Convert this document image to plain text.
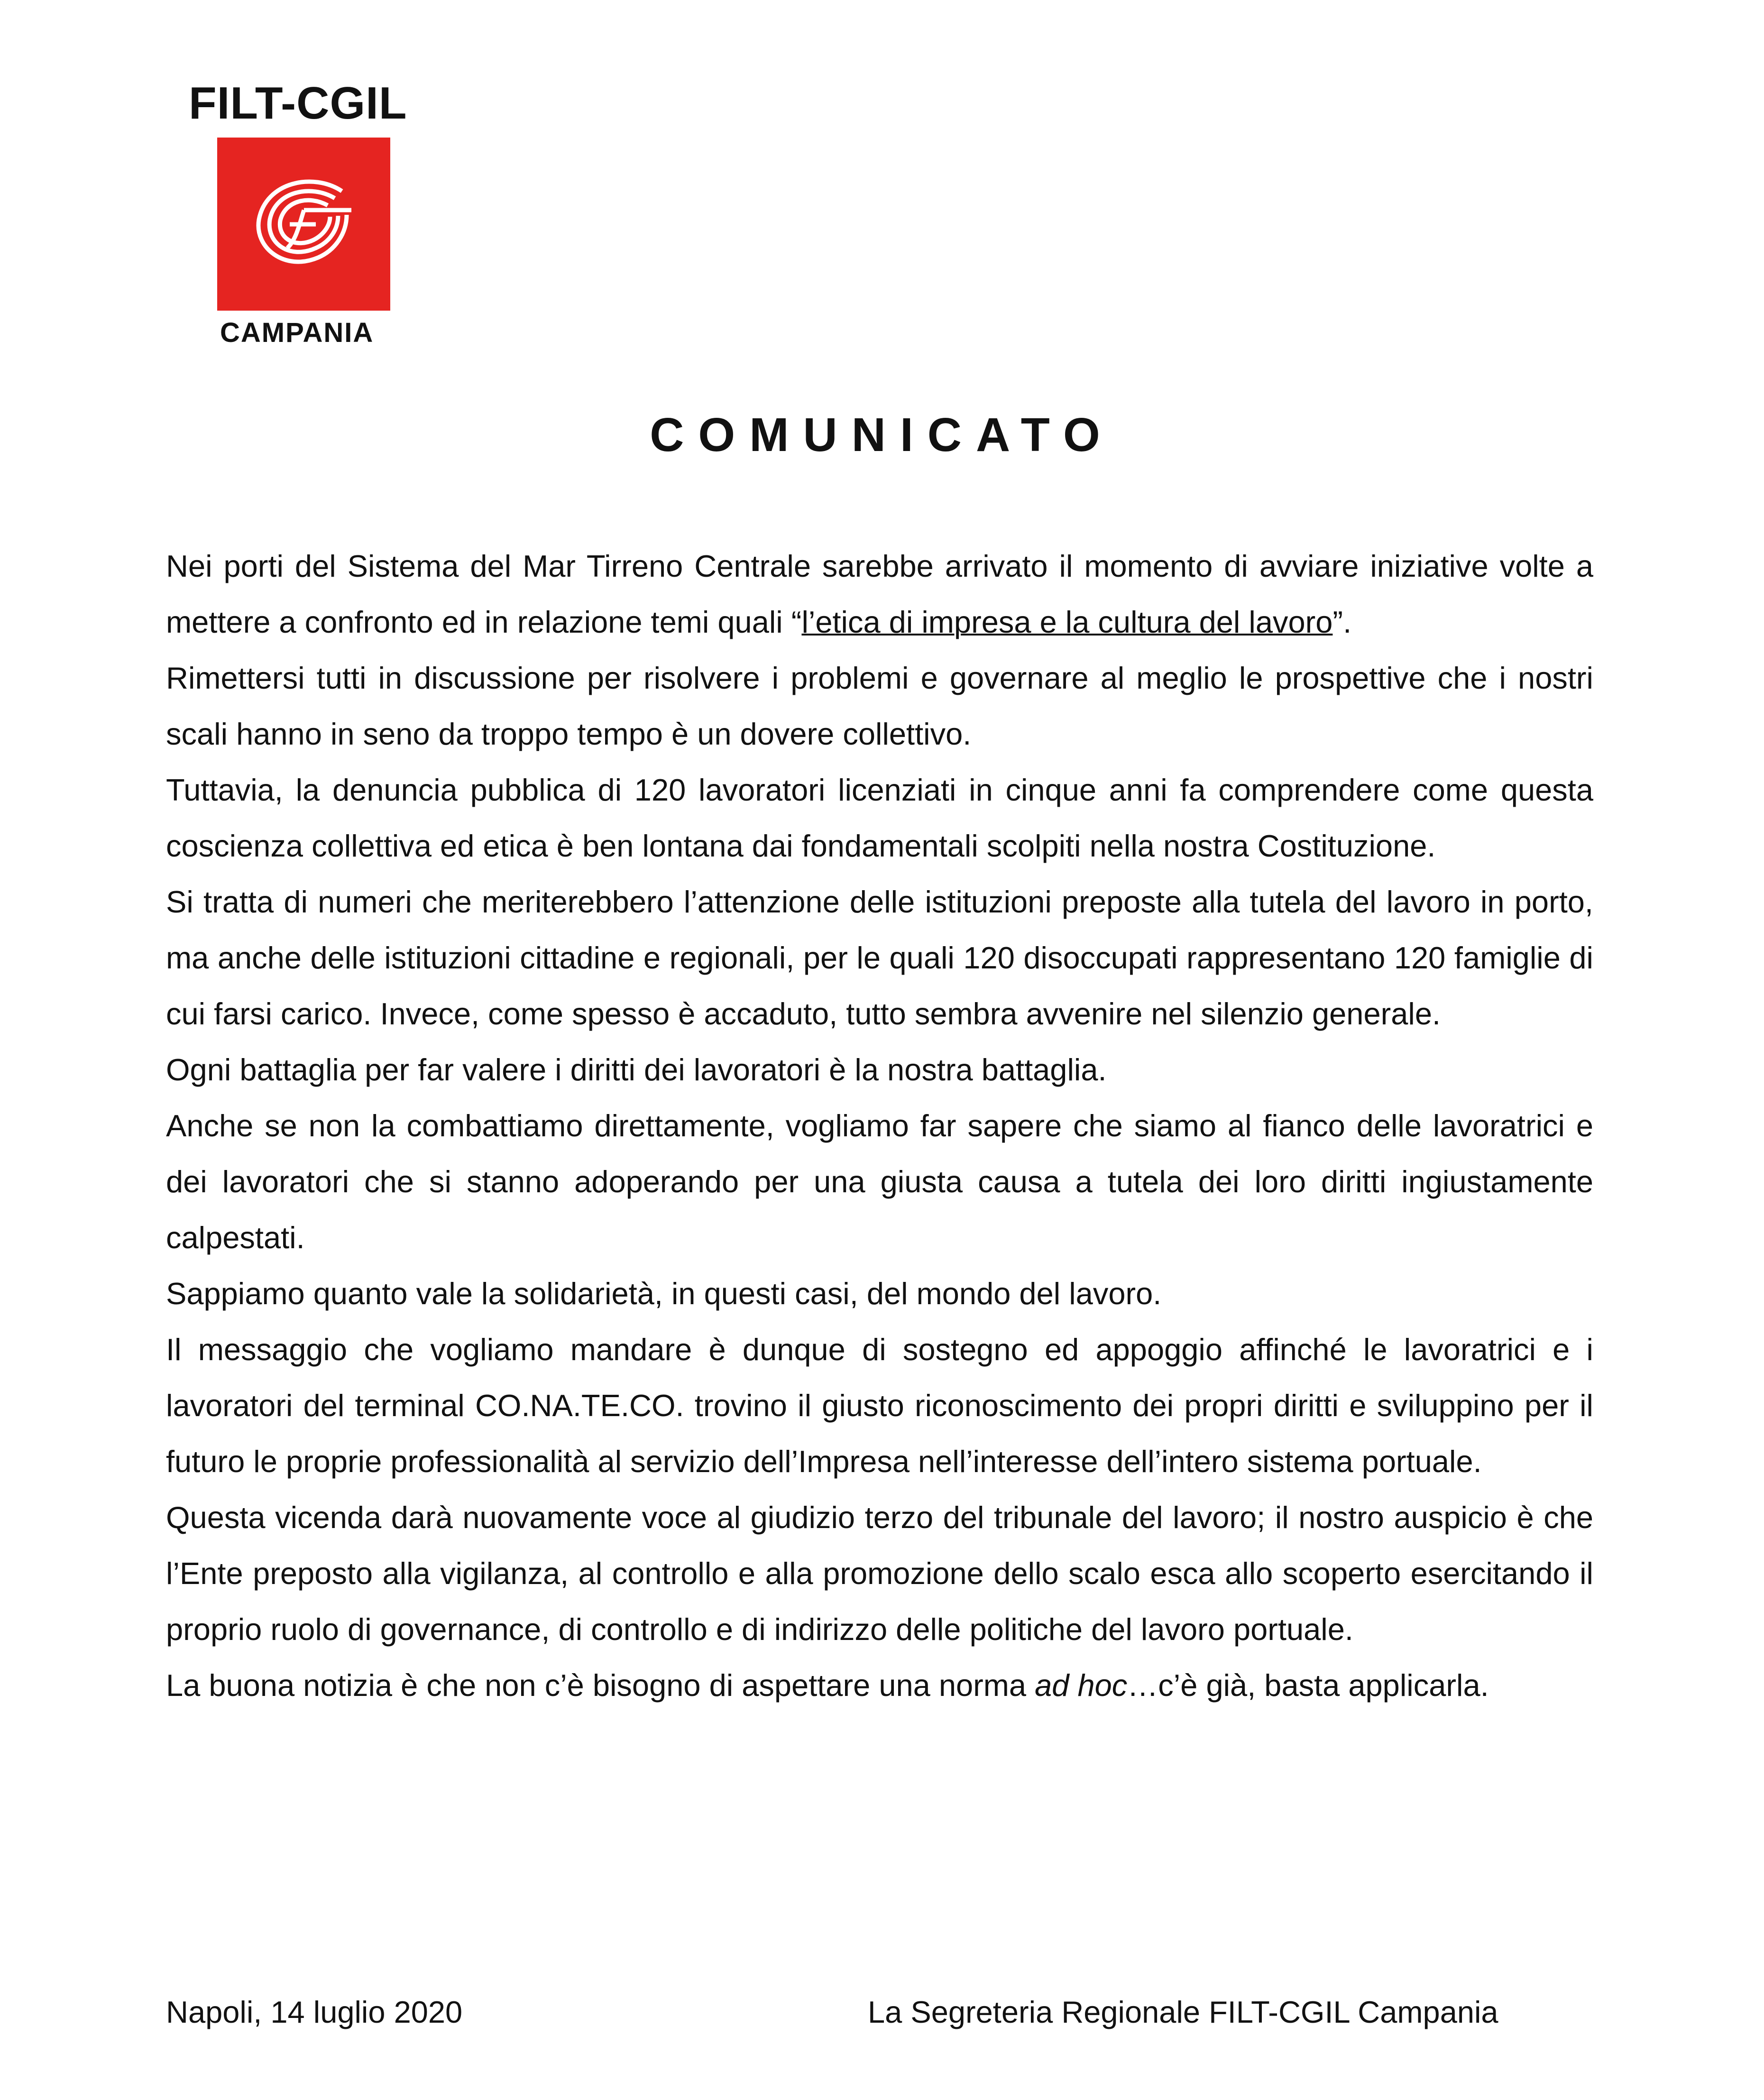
FILT-CGIL
CAMPANIA
COMUNICATO

Nei porti del Sistema del Mar Tirreno Centrale sarebbe arrivato il momento di avviare iniziative volte a mettere a confronto ed in relazione temi quali “l’etica di impresa e la cultura del lavoro”.

Rimettersi tutti in discussione per risolvere i problemi e governare al meglio le prospettive che i nostri scali hanno in seno da troppo tempo è un dovere collettivo.

Tuttavia, la denuncia pubblica di 120 lavoratori licenziati in cinque anni fa comprendere come questa coscienza collettiva ed etica è ben lontana dai fondamentali scolpiti nella nostra Costituzione.

Si tratta di numeri che meriterebbero l’attenzione delle istituzioni preposte alla tutela del lavoro in porto, ma anche delle istituzioni cittadine e regionali, per le quali 120 disoccupati rappresentano 120 famiglie di cui farsi carico. Invece, come spesso è accaduto, tutto sembra avvenire nel silenzio generale.

Ogni battaglia per far valere i diritti dei lavoratori è la nostra battaglia.

Anche se non la combattiamo direttamente, vogliamo far sapere che siamo al fianco delle lavoratrici e dei lavoratori che si stanno adoperando per una giusta causa a tutela dei loro diritti ingiustamente calpestati.

Sappiamo quanto vale la solidarietà, in questi casi, del mondo del lavoro.

Il messaggio che vogliamo mandare è dunque di sostegno ed appoggio affinché le lavoratrici e i lavoratori del terminal CO.NA.TE.CO. trovino il giusto riconoscimento dei propri diritti e sviluppino per il futuro le proprie professionalità al servizio dell’Impresa nell’interesse dell’intero sistema portuale.

Questa vicenda darà nuovamente voce al giudizio terzo del tribunale del lavoro; il nostro auspicio è che l’Ente preposto alla vigilanza, al controllo e alla promozione dello scalo esca allo scoperto esercitando il proprio ruolo di governance, di controllo e di indirizzo delle politiche del lavoro portuale.

La buona notizia è che non c’è bisogno di aspettare una norma ad hoc…c’è già, basta applicarla.

Napoli, 14 luglio 2020	La Segreteria Regionale FILT-CGIL Campania
